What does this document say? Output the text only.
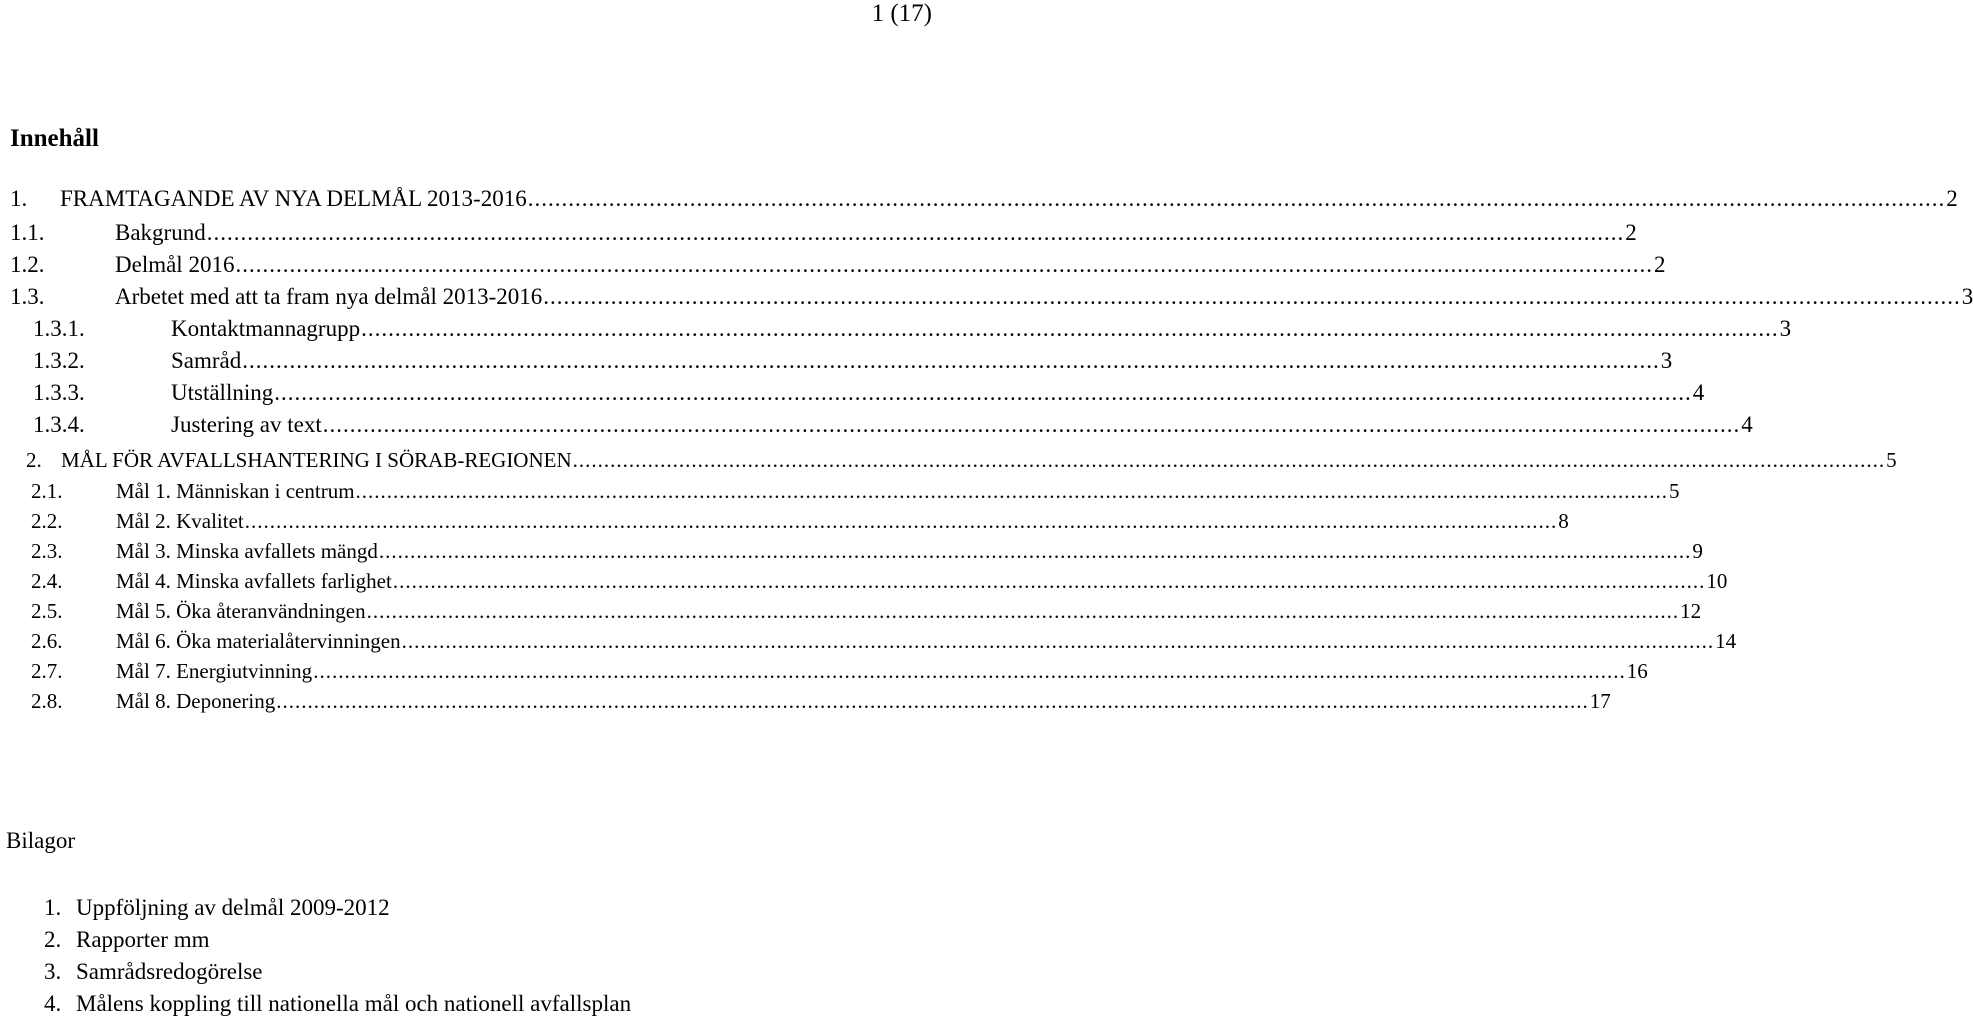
1 (17)
Innehåll
1. FRAMTAGANDE AV NYA DELMÅL 2013-2016 .....	2
1.1.	Bakgrund .....	2
1.2.	Delmål 2016 .....	2
1.3.	Arbetet med att ta fram nya delmål 2013-2016 .....	3
1.3.1.	Kontaktmannagrupp .....	3
1.3.2.	Samråd .....	3
1.3.3.	Utställning .....	4
1.3.4.	Justering av text .....	4
2. MÅL FÖR AVFALLSHANTERING I SÖRAB-REGIONEN .....	5
2.1.	Mål 1. Människan i centrum .....	5
2.2.	Mål 2. Kvalitet .....	8
2.3.	Mål 3. Minska avfallets mängd .....	9
2.4.	Mål 4. Minska avfallets farlighet .....	10
2.5.	Mål 5. Öka återanvändningen .....	12
2.6.	Mål 6. Öka materialåtervinningen .....	14
2.7.	Mål 7. Energiutvinning .....	16
2.8.	Mål 8. Deponering .....	17
Bilagor
1. Uppföljning av delmål 2009-2012
2. Rapporter mm
3. Samrådsredogörelse
4. Målens koppling till nationella mål och nationell avfallsplan
